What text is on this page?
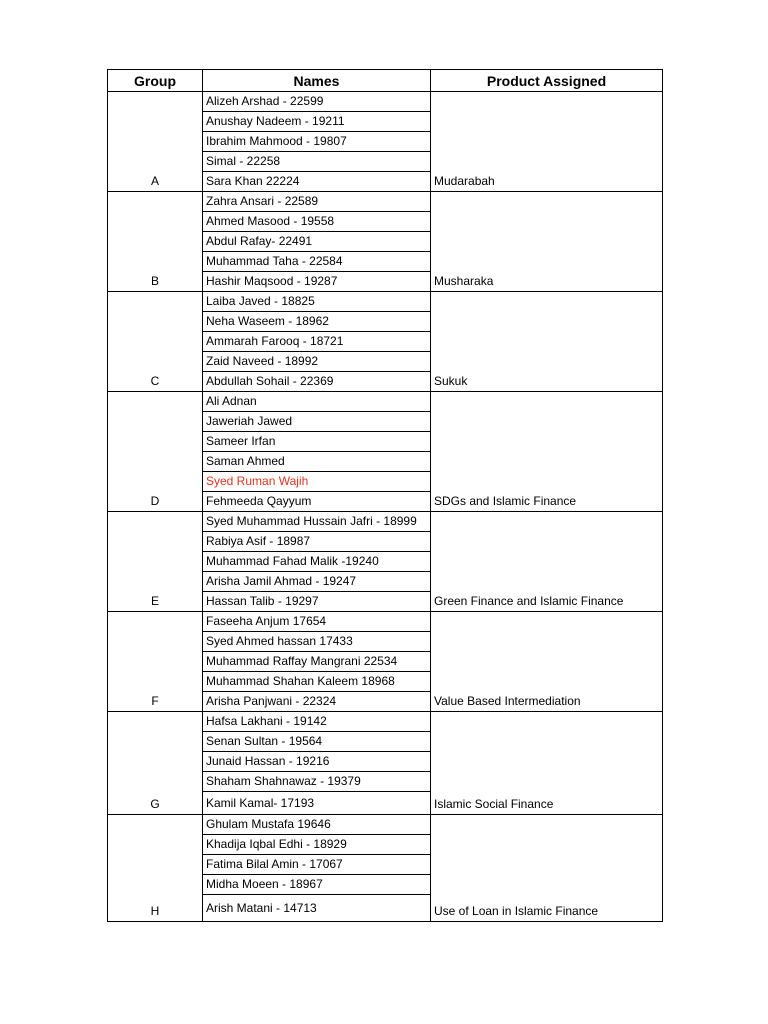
Group	Names	Product Assigned
A	Alizeh Arshad - 22599	Mudarabah
	Anushay Nadeem - 19211	
	Ibrahim Mahmood - 19807	
	Simal - 22258	
	Sara Khan 22224	
B	Zahra Ansari - 22589	Musharaka
	Ahmed Masood - 19558	
	Abdul Rafay- 22491	
	Muhammad Taha - 22584	
	Hashir Maqsood - 19287	
C	Laiba Javed - 18825	Sukuk
	Neha Waseem - 18962	
	Ammarah Farooq - 18721	
	Zaid Naveed - 18992	
	Abdullah Sohail - 22369	
D	Ali Adnan	SDGs and Islamic Finance
	Jaweriah Jawed	
	Sameer Irfan	
	Saman Ahmed	
	Syed Ruman Wajih	
	Fehmeeda Qayyum	
E	Syed Muhammad Hussain Jafri - 18999	Green Finance and Islamic Finance
	Rabiya Asif - 18987	
	Muhammad Fahad Malik -19240	
	Arisha Jamil Ahmad - 19247	
	Hassan Talib - 19297	
F	Faseeha Anjum 17654	Value Based Intermediation
	Syed Ahmed hassan 17433	
	Muhammad Raffay Mangrani 22534	
	Muhammad Shahan Kaleem 18968	
	Arisha Panjwani - 22324	
G	Hafsa Lakhani - 19142	Islamic Social Finance
	Senan Sultan - 19564	
	Junaid Hassan - 19216	
	Shaham Shahnawaz - 19379	
	Kamil Kamal- 17193	
H	Ghulam Mustafa 19646	Use of Loan in Islamic Finance
	Khadija Iqbal Edhi - 18929	
	Fatima Bilal Amin - 17067	
	Midha Moeen - 18967	
	Arish Matani - 14713	
